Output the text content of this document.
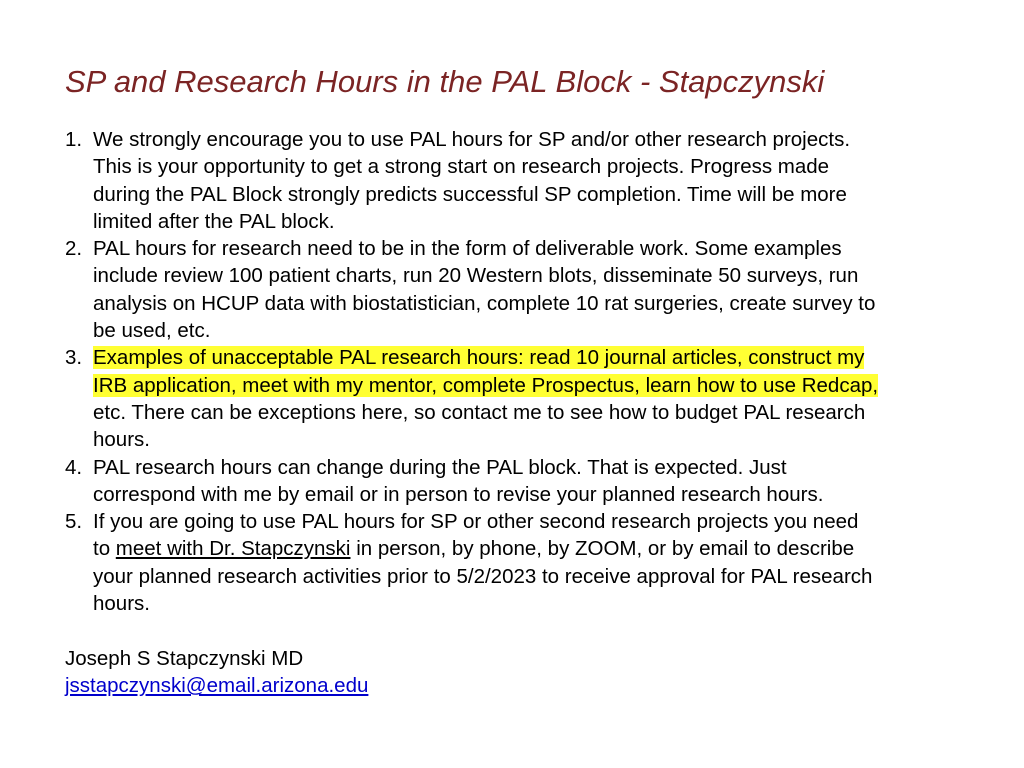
SP and Research Hours in the PAL Block - Stapczynski
1. We strongly encourage you to use PAL hours for SP and/or other research projects.
This is your opportunity to get a strong start on research projects. Progress made
during the PAL Block strongly predicts successful SP completion. Time will be more
limited after the PAL block.
2. PAL hours for research need to be in the form of deliverable work. Some examples
include review 100 patient charts, run 20 Western blots, disseminate 50 surveys, run
analysis on HCUP data with biostatistician, complete 10 rat surgeries, create survey to
be used, etc.
3. Examples of unacceptable PAL research hours: read 10 journal articles, construct my
IRB application, meet with my mentor, complete Prospectus, learn how to use Redcap,
etc. There can be exceptions here, so contact me to see how to budget PAL research
hours.
4. PAL research hours can change during the PAL block. That is expected. Just
correspond with me by email or in person to revise your planned research hours.
5. If you are going to use PAL hours for SP or other second research projects you need
to meet with Dr. Stapczynski in person, by phone, by ZOOM, or by email to describe
your planned research activities prior to 5/2/2023 to receive approval for PAL research
hours.
Joseph S Stapczynski MD
jsstapczynski@email.arizona.edu
